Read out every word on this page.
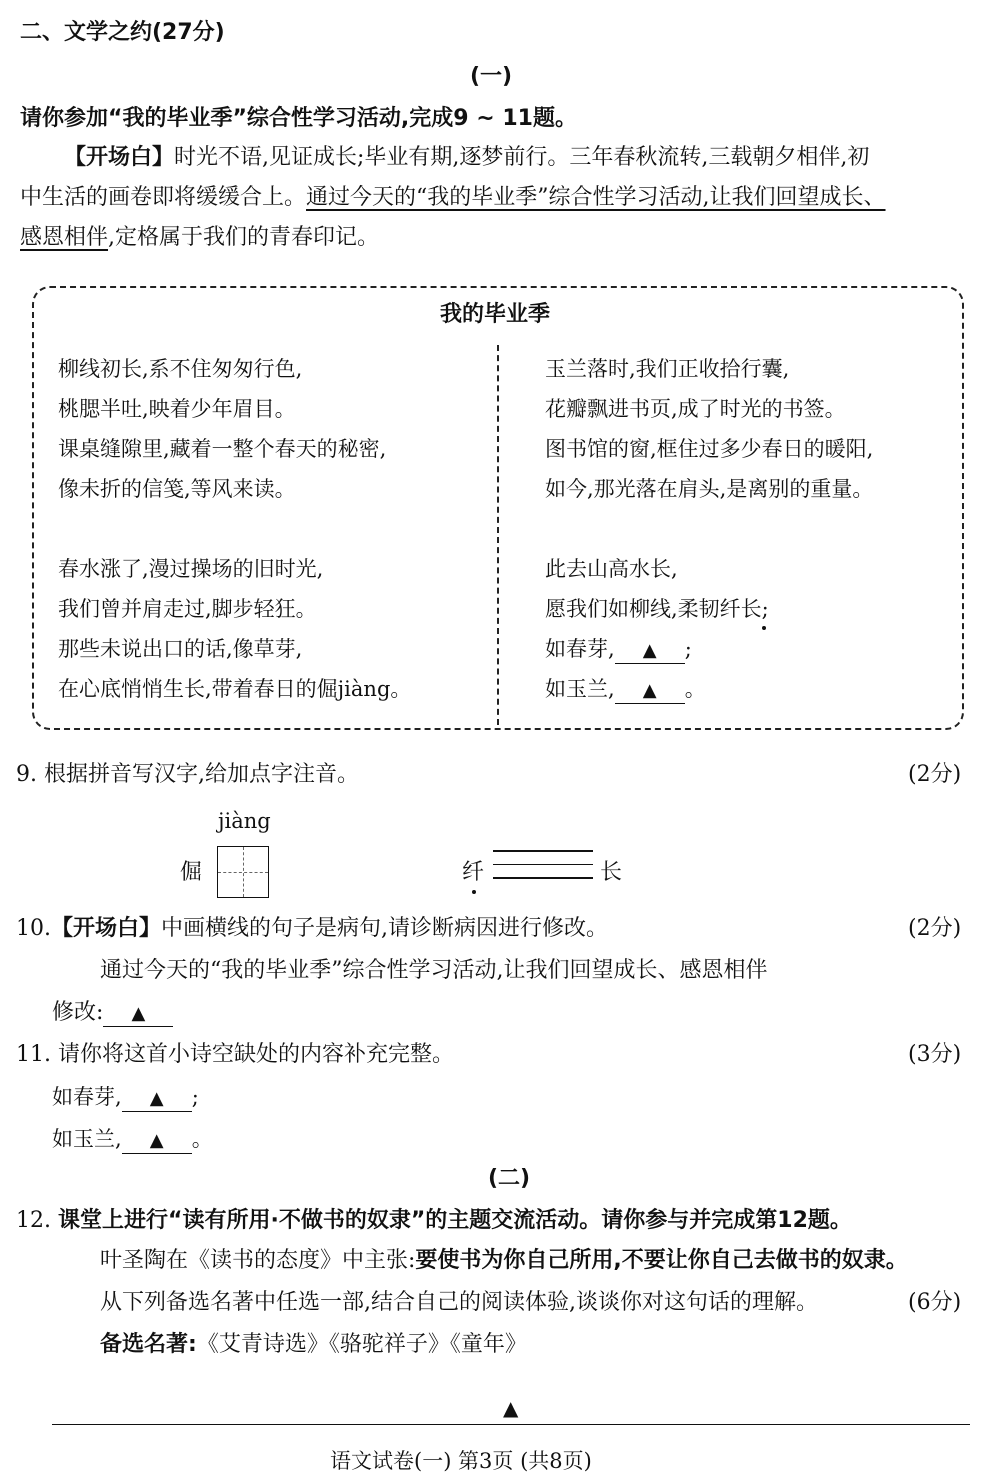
二、文学之约(27分)
(一)
请你参加“我的毕业季”综合性学习活动,完成9 ~ 11题。
【开场白】时光不语,见证成长;毕业有期,逐梦前行。三年春秋流转,三载朝夕相伴,初
中生活的画卷即将缓缓合上。通过今天的“我的毕业季”综合性学习活动,让我们回望成长、
感恩相伴,定格属于我们的青春印记。
我的毕业季
柳线初长,系不住匆匆行色,
桃腮半吐,映着少年眉目。
课桌缝隙里,藏着一整个春天的秘密,
像未折的信笺,等风来读。
春水涨了,漫过操场的旧时光,
我们曾并肩走过,脚步轻狂。
那些未说出口的话,像草芽,
在心底悄悄生长,带着春日的倔jiàng。
玉兰落时,我们正收拾行囊,
花瓣飘进书页,成了时光的书签。
图书馆的窗,框住过多少春日的暖阳,
如今,那光落在肩头,是离别的重量。
此去山高水长,
愿我们如柳线,柔韧纤长;
如春芽, ▲ ;
如玉兰, ▲ 。
9. 根据拼音写汉字,给加点字注音。	(2分)
jiàng
倔	纤	长
10.【开场白】中画横线的句子是病句,请诊断病因进行修改。	(2分)
通过今天的“我的毕业季”综合性学习活动,让我们回望成长、感恩相伴
修改: ▲
11. 请你将这首小诗空缺处的内容补充完整。	(3分)
如春芽, ▲ ;
如玉兰, ▲ 。
(二)
12. 课堂上进行“读有所用·不做书的奴隶”的主题交流活动。请你参与并完成第12题。
叶圣陶在《读书的态度》中主张:要使书为你自己所用,不要让你自己去做书的奴隶。
从下列备选名著中任选一部,结合自己的阅读体验,谈谈你对这句话的理解。	(6分)
备选名著:《艾青诗选》《骆驼祥子》《童年》
▲
语文试卷(一) 第3页 (共8页)
